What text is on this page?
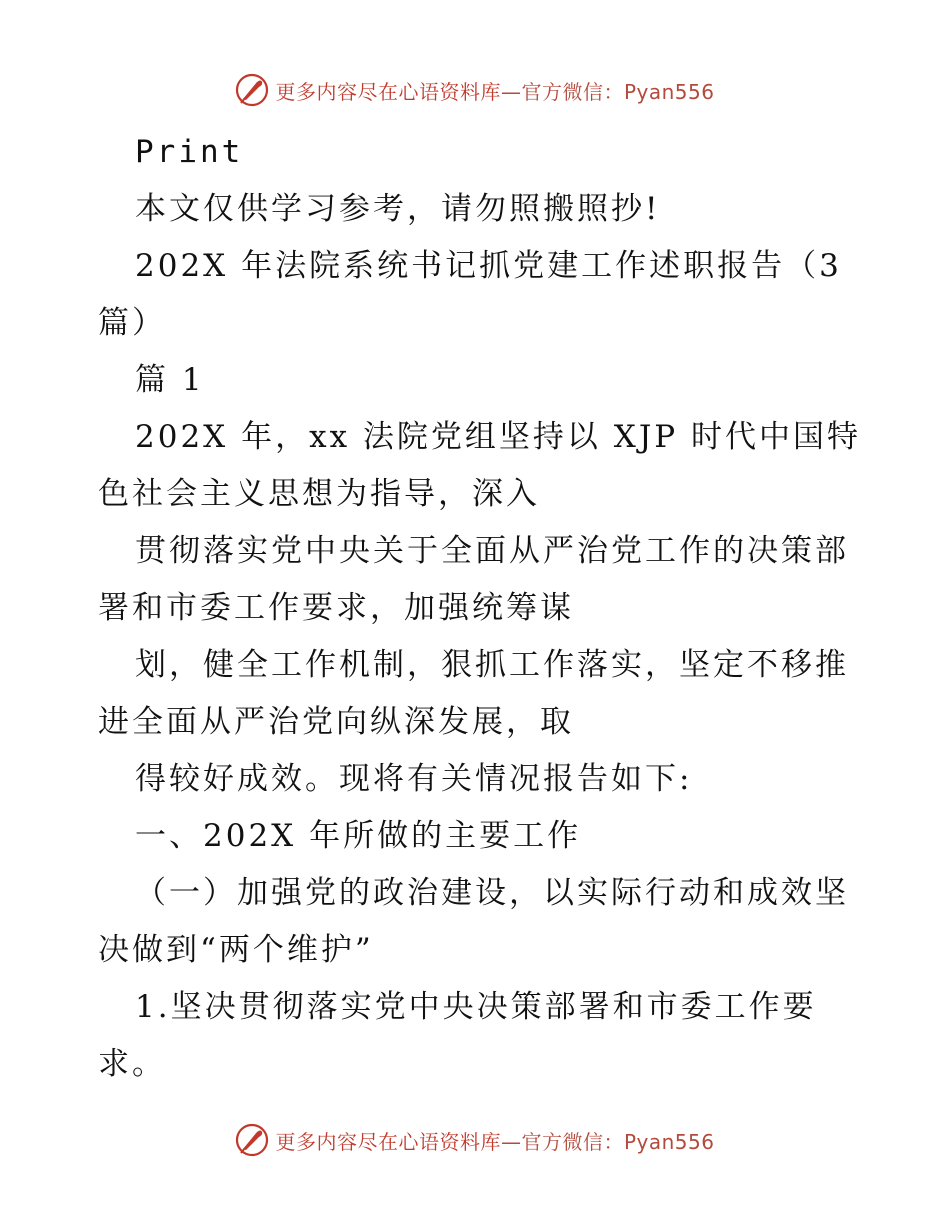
更多内容尽在心语资料库—官方微信：Pyan556
Print
本文仅供学习参考，请勿照搬照抄!
202X 年法院系统书记抓党建工作述职报告（3
篇）
篇 1
202X 年，xx 法院党组坚持以 XJP 时代中国特
色社会主义思想为指导，深入
贯彻落实党中央关于全面从严治党工作的决策部
署和市委工作要求，加强统筹谋
划，健全工作机制，狠抓工作落实，坚定不移推
进全面从严治党向纵深发展，取
得较好成效。现将有关情况报告如下:
一、202X 年所做的主要工作
（一）加强党的政治建设，以实际行动和成效坚
决做到“两个维护”
1.坚决贯彻落实党中央决策部署和市委工作要
求。
更多内容尽在心语资料库—官方微信：Pyan556
